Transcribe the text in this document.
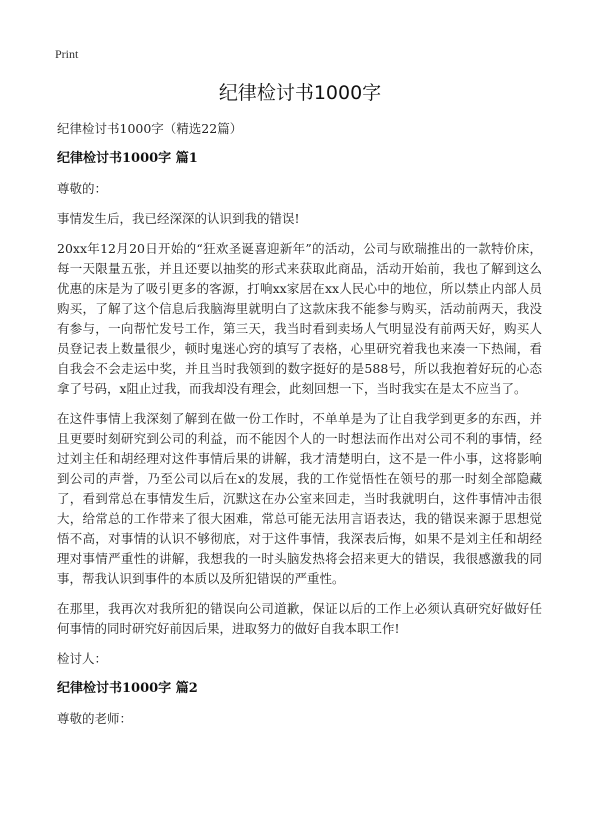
Print
纪律检讨书1000字

纪律检讨书1000字（精选22篇）

纪律检讨书1000字 篇1

尊敬的：

事情发生后，我已经深深的认识到我的错误!

20xx年12月20日开始的“狂欢圣诞喜迎新年”的活动，公司与欧瑞推出的一款特价床，每一天限量五张，并且还要以抽奖的形式来获取此商品，活动开始前，我也了解到这么优惠的床是为了吸引更多的客源，打响xx家居在xx人民心中的地位，所以禁止内部人员购买，了解了这个信息后我脑海里就明白了这款床我不能参与购买，活动前两天，我没有参与，一向帮忙发号工作，第三天，我当时看到卖场人气明显没有前两天好，购买人员登记表上数量很少，顿时鬼迷心窍的填写了表格，心里研究着我也来凑一下热闹，看自我会不会走运中奖，并且当时我领到的数字挺好的是588号，所以我抱着好玩的心态拿了号码，x阻止过我，而我却没有理会，此刻回想一下，当时我实在是太不应当了。

在这件事情上我深刻了解到在做一份工作时，不单单是为了让自我学到更多的东西，并且更要时刻研究到公司的利益，而不能因个人的一时想法而作出对公司不利的事情，经过刘主任和胡经理对这件事情后果的讲解，我才清楚明白，这不是一件小事，这将影响到公司的声誉，乃至公司以后在x的发展，我的工作觉悟性在领号的那一时刻全部隐藏了，看到常总在事情发生后，沉默这在办公室来回走，当时我就明白，这件事情冲击很大，给常总的工作带来了很大困难，常总可能无法用言语表达，我的错误来源于思想觉悟不高，对事情的认识不够彻底，对于这件事情，我深表后悔，如果不是刘主任和胡经理对事情严重性的讲解，我想我的一时头脑发热将会招来更大的错误，我很感激我的同事，帮我认识到事件的本质以及所犯错误的严重性。

在那里，我再次对我所犯的错误向公司道歉，保证以后的工作上必须认真研究好做好任何事情的同时研究好前因后果，进取努力的做好自我本职工作!

检讨人：

纪律检讨书1000字 篇2

尊敬的老师：
